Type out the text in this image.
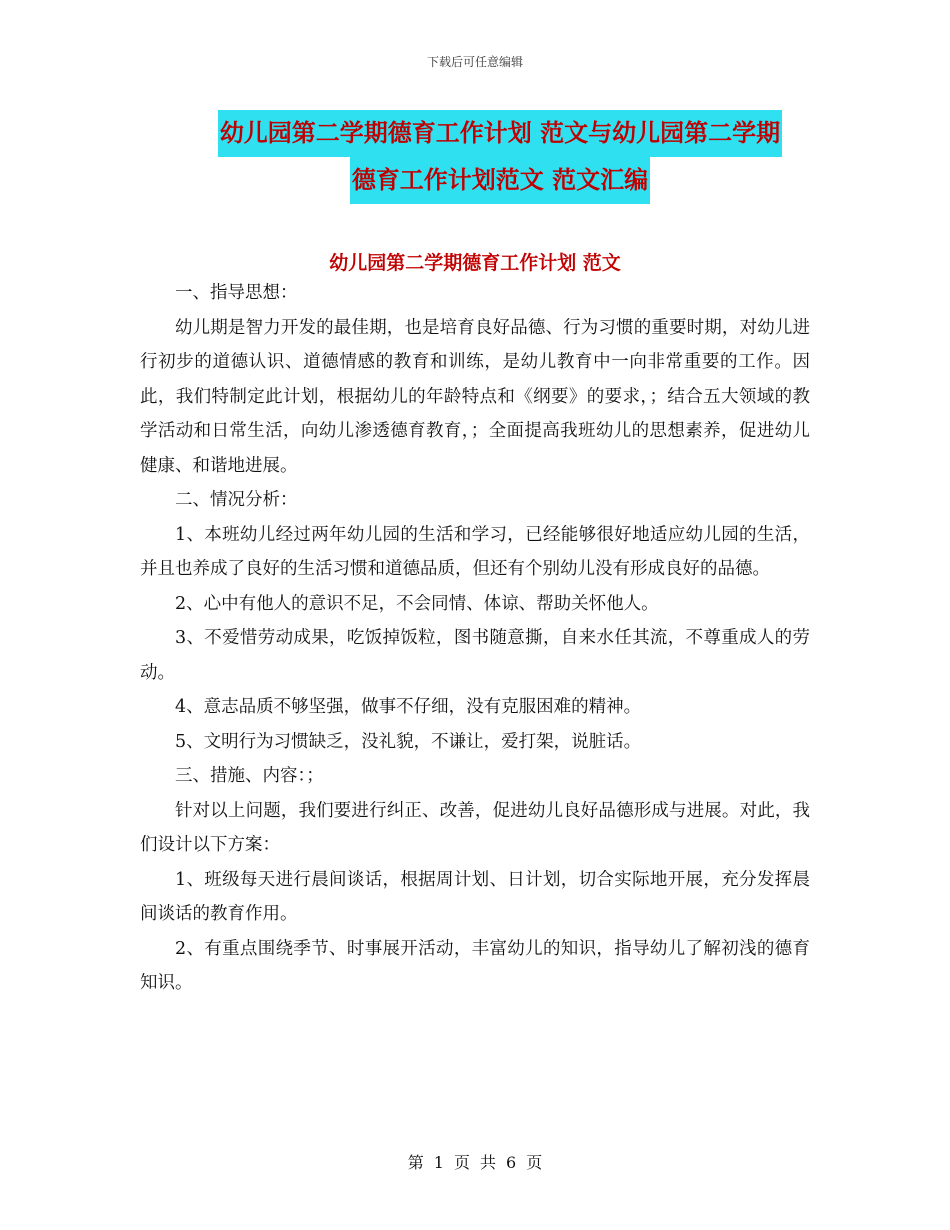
下载后可任意编辑
幼儿园第二学期德育工作计划 范文与幼儿园第二学期
德育工作计划范文 范文汇编
幼儿园第二学期德育工作计划 范文

一、指导思想：

幼儿期是智力开发的最佳期，也是培育良好品德、行为习惯的重要时期，对幼儿进行初步的道德认识、道德情感的教育和训练，是幼儿教育中一向非常重要的工作。因此，我们特制定此计划，根据幼儿的年龄特点和《纲要》的要求，；结合五大领域的教学活动和日常生活，向幼儿渗透德育教育，；全面提高我班幼儿的思想素养，促进幼儿健康、和谐地进展。

二、情况分析：

1、本班幼儿经过两年幼儿园的生活和学习，已经能够很好地适应幼儿园的生活，并且也养成了良好的生活习惯和道德品质，但还有个别幼儿没有形成良好的品德。

2、心中有他人的意识不足，不会同情、体谅、帮助关怀他人。

3、不爱惜劳动成果，吃饭掉饭粒，图书随意撕，自来水任其流，不尊重成人的劳动。

4、意志品质不够坚强，做事不仔细，没有克服困难的精神。

5、文明行为习惯缺乏，没礼貌，不谦让，爱打架，说脏话。

三、措施、内容：；

针对以上问题，我们要进行纠正、改善，促进幼儿良好品德形成与进展。对此，我们设计以下方案：

1、班级每天进行晨间谈话，根据周计划、日计划，切合实际地开展，充分发挥晨间谈话的教育作用。

2、有重点围绕季节、时事展开活动，丰富幼儿的知识，指导幼儿了解初浅的德育知识。

第 1 页 共 6 页
